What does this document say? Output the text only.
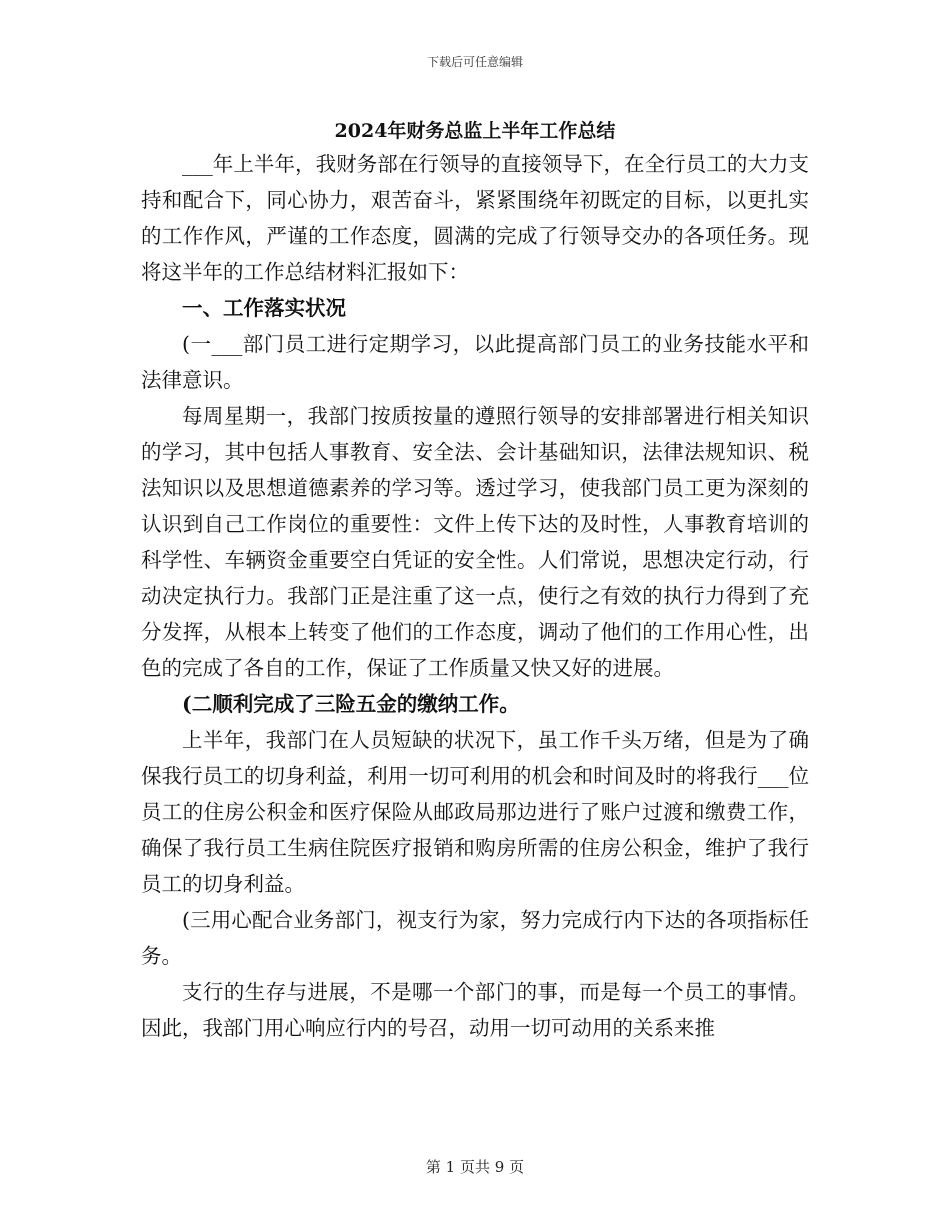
下载后可任意编辑
2024年财务总监上半年工作总结

___年上半年，我财务部在行领导的直接领导下，在全行员工的大力支持和配合下，同心协力，艰苦奋斗，紧紧围绕年初既定的目标，以更扎实的工作作风，严谨的工作态度，圆满的完成了行领导交办的各项任务。现将这半年的工作总结材料汇报如下：

一、工作落实状况

(一___部门员工进行定期学习，以此提高部门员工的业务技能水平和法律意识。

每周星期一，我部门按质按量的遵照行领导的安排部署进行相关知识的学习，其中包括人事教育、安全法、会计基础知识，法律法规知识、税法知识以及思想道德素养的学习等。透过学习，使我部门员工更为深刻的认识到自己工作岗位的重要性：文件上传下达的及时性，人事教育培训的科学性、车辆资金重要空白凭证的安全性。人们常说，思想决定行动，行动决定执行力。我部门正是注重了这一点，使行之有效的执行力得到了充分发挥，从根本上转变了他们的工作态度，调动了他们的工作用心性，出色的完成了各自的工作，保证了工作质量又快又好的进展。

(二顺利完成了三险五金的缴纳工作。

上半年，我部门在人员短缺的状况下，虽工作千头万绪，但是为了确保我行员工的切身利益，利用一切可利用的机会和时间及时的将我行___位员工的住房公积金和医疗保险从邮政局那边进行了账户过渡和缴费工作，确保了我行员工生病住院医疗报销和购房所需的住房公积金，维护了我行员工的切身利益。

(三用心配合业务部门，视支行为家，努力完成行内下达的各项指标任务。

支行的生存与进展，不是哪一个部门的事，而是每一个员工的事情。因此，我部门用心响应行内的号召，动用一切可动用的关系来推

第 1 页共 9 页
